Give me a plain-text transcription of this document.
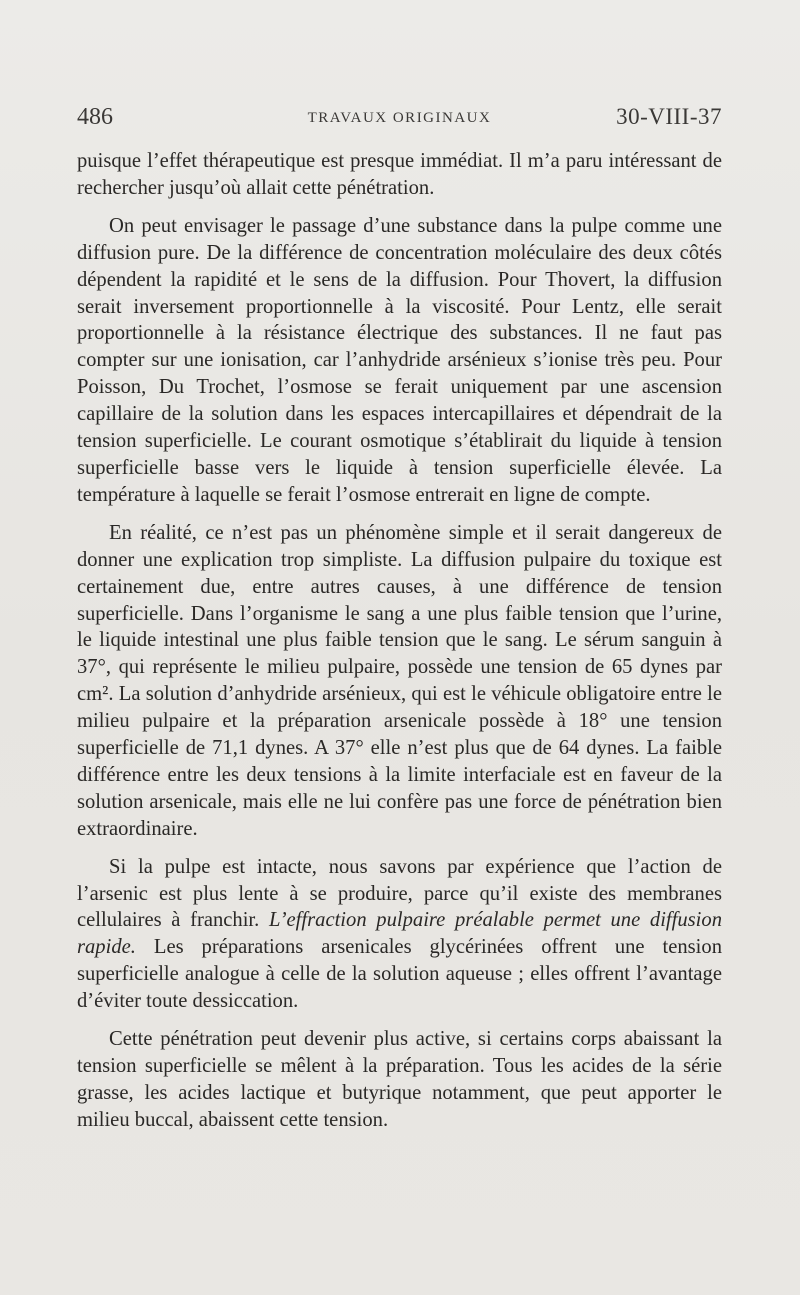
486	TRAVAUX ORIGINAUX	30-VIII-37

puisque l’effet thérapeutique est presque immédiat. Il m’a paru intéressant de rechercher jusqu’où allait cette pénétration.

On peut envisager le passage d’une substance dans la pulpe comme une diffusion pure. De la différence de concentration moléculaire des deux côtés dépendent la rapidité et le sens de la diffusion. Pour Thovert, la diffusion serait inversement proportionnelle à la viscosité. Pour Lentz, elle serait proportionnelle à la résistance électrique des substances. Il ne faut pas compter sur une ionisation, car l’anhydride arsénieux s’ionise très peu. Pour Poisson, Du Trochet, l’osmose se ferait uniquement par une ascension capillaire de la solution dans les espaces intercapillaires et dépendrait de la tension superficielle. Le courant osmotique s’établirait du liquide à tension superficielle basse vers le liquide à tension superficielle élevée. La température à laquelle se ferait l’osmose entrerait en ligne de compte.

En réalité, ce n’est pas un phénomène simple et il serait dangereux de donner une explication trop simpliste. La diffusion pulpaire du toxique est certainement due, entre autres causes, à une différence de tension superficielle. Dans l’organisme le sang a une plus faible tension que l’urine, le liquide intestinal une plus faible tension que le sang. Le sérum sanguin à 37°, qui représente le milieu pulpaire, possède une tension de 65 dynes par cm². La solution d’anhydride arsénieux, qui est le véhicule obligatoire entre le milieu pulpaire et la préparation arsenicale possède à 18° une tension superficielle de 71,1 dynes. A 37° elle n’est plus que de 64 dynes. La faible différence entre les deux tensions à la limite interfaciale est en faveur de la solution arsenicale, mais elle ne lui confère pas une force de pénétration bien extraordinaire.

Si la pulpe est intacte, nous savons par expérience que l’action de l’arsenic est plus lente à se produire, parce qu’il existe des membranes cellulaires à franchir. L’effraction pulpaire préalable permet une diffusion rapide. Les préparations arsenicales glycérinées offrent une tension superficielle analogue à celle de la solution aqueuse ; elles offrent l’avantage d’éviter toute dessiccation.

Cette pénétration peut devenir plus active, si certains corps abaissant la tension superficielle se mêlent à la préparation. Tous les acides de la série grasse, les acides lactique et butyrique notamment, que peut apporter le milieu buccal, abaissent cette tension.
